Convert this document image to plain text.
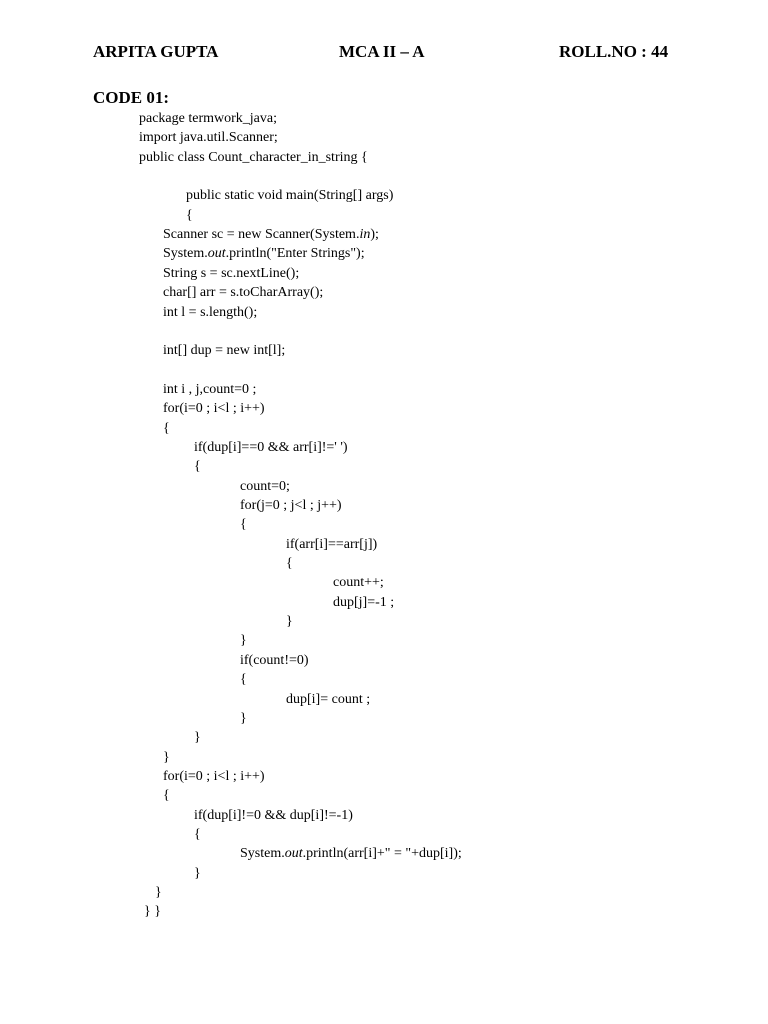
ARPITA GUPTA	MCA II – A	ROLL.NO : 44
CODE 01:
package termwork_java;
import java.util.Scanner;
public class Count_character_in_string {
public static void main(String[] args)
{
Scanner sc = new Scanner(System.in);
System.out.println("Enter Strings");
String s = sc.nextLine();
char[] arr = s.toCharArray();
int l = s.length();
int[] dup = new int[l];
int i , j,count=0 ;
for(i=0 ; i<l ; i++)
{
if(dup[i]==0 && arr[i]!=' ')
{
count=0;
for(j=0 ; j<l ; j++)
{
if(arr[i]==arr[j])
{
count++;
dup[j]=-1 ;
}
}
if(count!=0)
{
dup[i]= count ;
}
}
}
for(i=0 ; i<l ; i++)
{
if(dup[i]!=0 && dup[i]!=-1)
{
System.out.println(arr[i]+" = "+dup[i]);
}
}
} }
